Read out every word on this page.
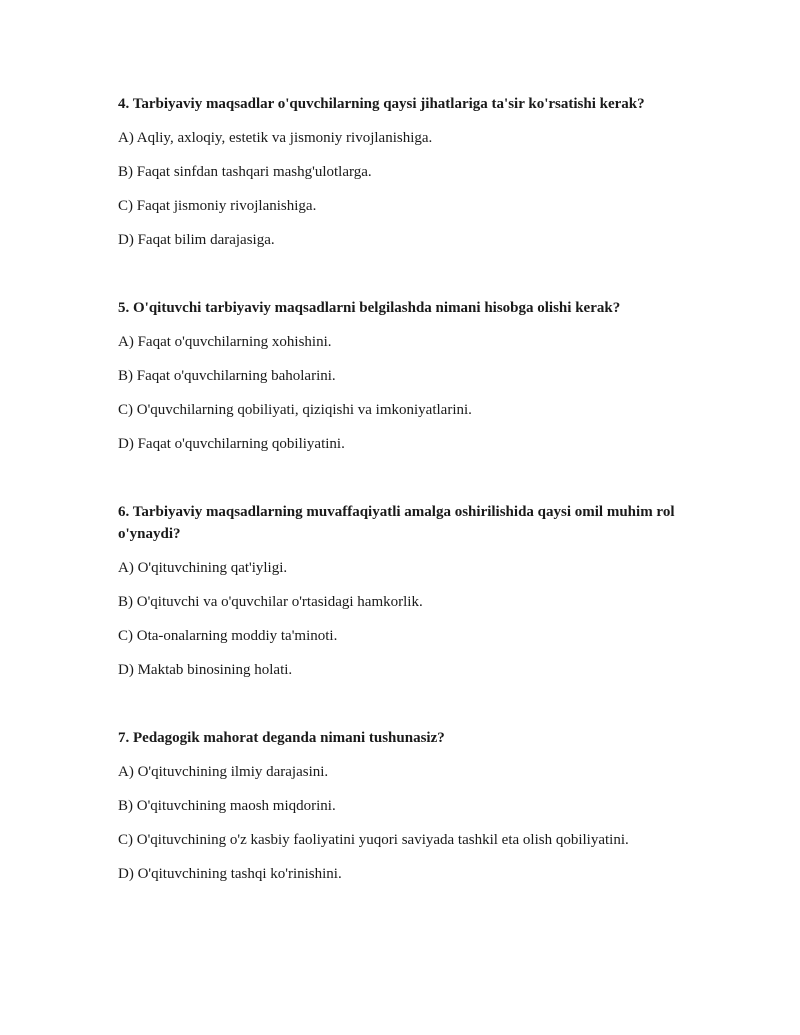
4. Tarbiyaviy maqsadlar o'quvchilarning qaysi jihatlariga ta'sir ko'rsatishi kerak?

A) Aqliy, axloqiy, estetik va jismoniy rivojlanishiga.

B) Faqat sinfdan tashqari mashg'ulotlarga.

C) Faqat jismoniy rivojlanishiga.

D) Faqat bilim darajasiga.

5. O'qituvchi tarbiyaviy maqsadlarni belgilashda nimani hisobga olishi kerak?

A) Faqat o'quvchilarning xohishini.

B) Faqat o'quvchilarning baholarini.

C) O'quvchilarning qobiliyati, qiziqishi va imkoniyatlarini.

D) Faqat o'quvchilarning qobiliyatini.

6. Tarbiyaviy maqsadlarning muvaffaqiyatli amalga oshirilishida qaysi omil muhim rol o'ynaydi?

A) O'qituvchining qat'iyligi.

B) O'qituvchi va o'quvchilar o'rtasidagi hamkorlik.

C) Ota-onalarning moddiy ta'minoti.

D) Maktab binosining holati.

7. Pedagogik mahorat deganda nimani tushunasiz?

A) O'qituvchining ilmiy darajasini.

B) O'qituvchining maosh miqdorini.

C) O'qituvchining o'z kasbiy faoliyatini yuqori saviyada tashkil eta olish qobiliyatini.

D) O'qituvchining tashqi ko'rinishini.
